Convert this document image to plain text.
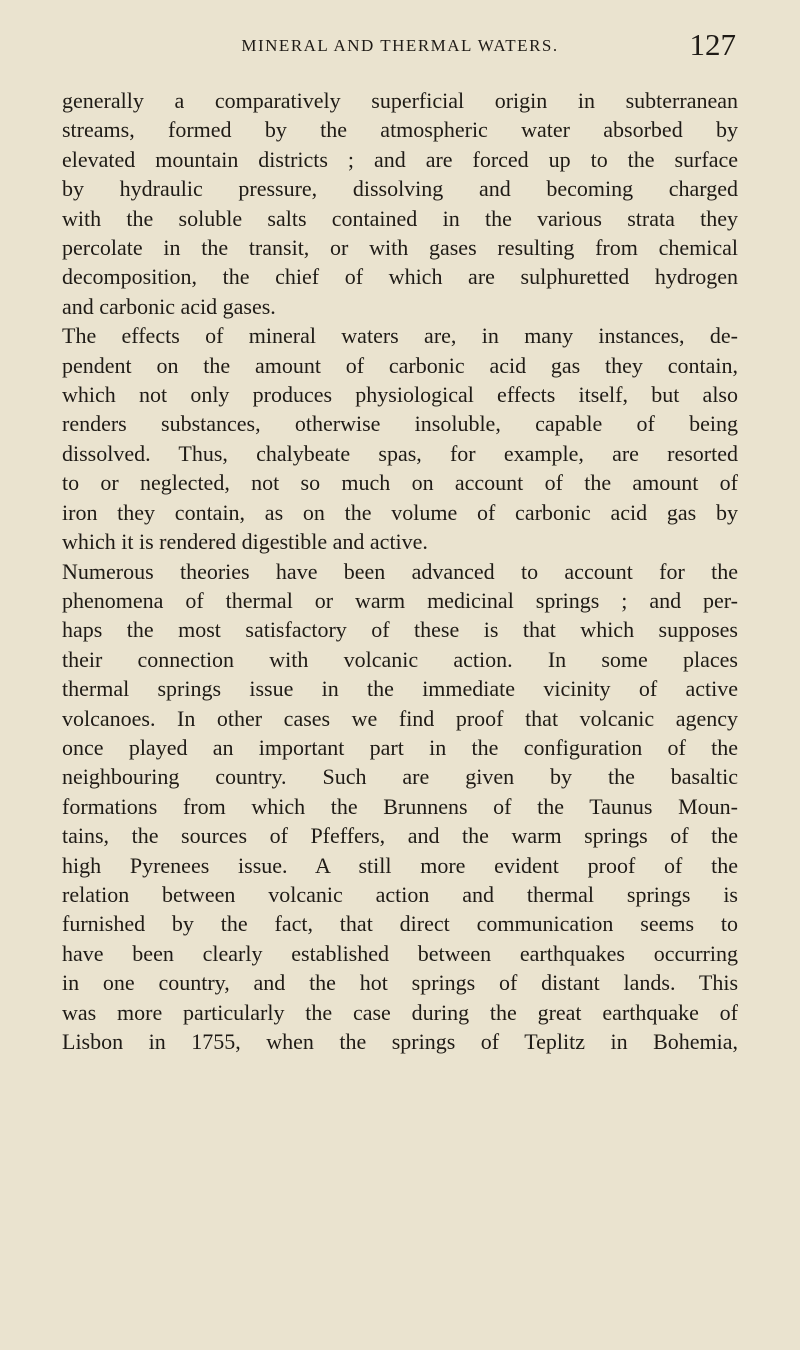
MINERAL AND THERMAL WATERS.	127

generally a comparatively superficial origin in subterranean
streams, formed by the atmospheric water absorbed by
elevated mountain districts ; and are forced up to the surface
by hydraulic pressure, dissolving and becoming charged
with the soluble salts contained in the various strata they
percolate in the transit, or with gases resulting from chemical
decomposition, the chief of which are sulphuretted hydrogen
and carbonic acid gases.

The effects of mineral waters are, in many instances, de-
pendent on the amount of carbonic acid gas they contain,
which not only produces physiological effects itself, but also
renders substances, otherwise insoluble, capable of being
dissolved. Thus, chalybeate spas, for example, are resorted
to or neglected, not so much on account of the amount of
iron they contain, as on the volume of carbonic acid gas by
which it is rendered digestible and active.

Numerous theories have been advanced to account for the
phenomena of thermal or warm medicinal springs ; and per-
haps the most satisfactory of these is that which supposes
their connection with volcanic action. In some places
thermal springs issue in the immediate vicinity of active
volcanoes. In other cases we find proof that volcanic agency
once played an important part in the configuration of the
neighbouring country. Such are given by the basaltic
formations from which the Brunnens of the Taunus Moun-
tains, the sources of Pfeffers, and the warm springs of the
high Pyrenees issue. A still more evident proof of the
relation between volcanic action and thermal springs is
furnished by the fact, that direct communication seems to
have been clearly established between earthquakes occurring
in one country, and the hot springs of distant lands. This
was more particularly the case during the great earthquake of
Lisbon in 1755, when the springs of Teplitz in Bohemia,
